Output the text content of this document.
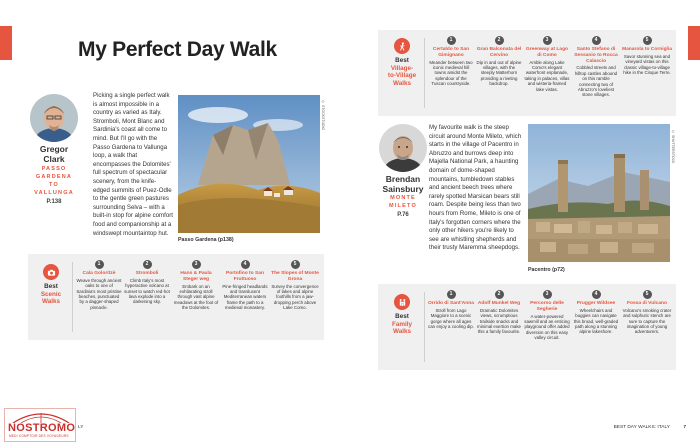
My Perfect Day Walk
Gregor
Clark
PASSO
GARDENA
TO
VALLUNGA
P.138

Picking a single perfect walk is almost impossible in a country as varied as Italy. Stromboli, Mont Blanc and Sardinia's coast all come to mind. But I'll go with the Passo Gardena to Vallunga loop, a walk that encompasses the Dolomites' full spectrum of spectacular scenery, from the knife-edged summits of Puez-Odle to the gentle green pastures surrounding Selva – with a built-in stop for alpine comfort food and companionship at a windswept mountaintop hut.

© STOCKSTUDIO
Passo Gardena (p138)
Best
Village-
to-Village
Walks
1
Certaldo to San Gimignano
Meander between two iconic medieval hill towns amidst the splendour of the Tuscan countryside.
2
Gran Balconata del Cervino
Dip in and out of alpine villages, with the steeply Matterhorn providing a riveting backdrop.
3
Greenway at Lago di Como
Amble along Lake Como's elegant waterfront esplanade, taking in palaces, villas and wisteria-framed lake vistas.
4
Santo Stefano di Sessanio to Rocca Calascio
Cobbled streets and hilltop castles abound on this ramble connecting two of Abruzzo's loveliest stone villages.
5
Manarola to Corniglia
Savor stunning sea and vineyard vistas on this classic village-to-village hike in the Cinque Terre.
Brendan
Sainsbury
MONTE
MILETO
P.76

My favourite walk is the steep circuit around Monte Mileto, which starts in the village of Pacentro in Abruzzo and burrows deep into Majella National Park, a haunting domain of dome-shaped mountains, tumbledown stables and ancient beech trees where rarely spotted Marsican bears still roam. Despite being less than two hours from Rome, Mileto is one of Italy's forgotten corners where the only other hikers you're likely to see are whistling shepherds and their trusty Maremma sheepdogs.

© SHUTTERSTOCK
Pacentro (p72)
Best
Scenic
Walks
1
Cala Goloritzè
Weave through ancient oaks to one of Sardinia's most pristine beaches, punctuated by a dagger-shaped pinnacle.
2
Stromboli
Climb Italy's most hyperactive volcano at sunset to watch red-hot lava explode into a darkening sky.
3
Hans & Paula Steger weg
Embark on an exhilarating stroll through vast alpine meadows at the foot of the Dolomites.
4
Portofino to San Fruttuoso
Pine-fringed headlands and translucent Mediterranean waters frame the path to a medieval monastery.
5
The Slopes of Monte Grona
Survey the convergence of lakes and alpine foothills from a jaw-dropping perch above Lake Como.
Best
Family
Walks
1
Orrido di Sant'Anna
Stroll from Lago Maggiore to a scenic gorge where all ages can enjoy a cooling dip.
2
Adolf Munkel Weg
Dramatic Dolomites views, scrumptious trailside snacks and minimal exertion make this a family favourite.
3
Percorso delle Segherie
A water-powered sawmill and an enticing playground offer added diversion on this easy valley circuit.
4
Prugger Wildsee
Wheelchairs and buggies can navigate this broad, well-graded path along a stunning alpine lakeshore.
5
Fossa di Vulcano
Volcano's smoking crater and sulphuric stench are sure to capture the imagination of young adventurers.
LY	BEST DAY WALKS: ITALY	7
NOSTROMO
MEDI COMPTOIR DES VOYAGEURS
